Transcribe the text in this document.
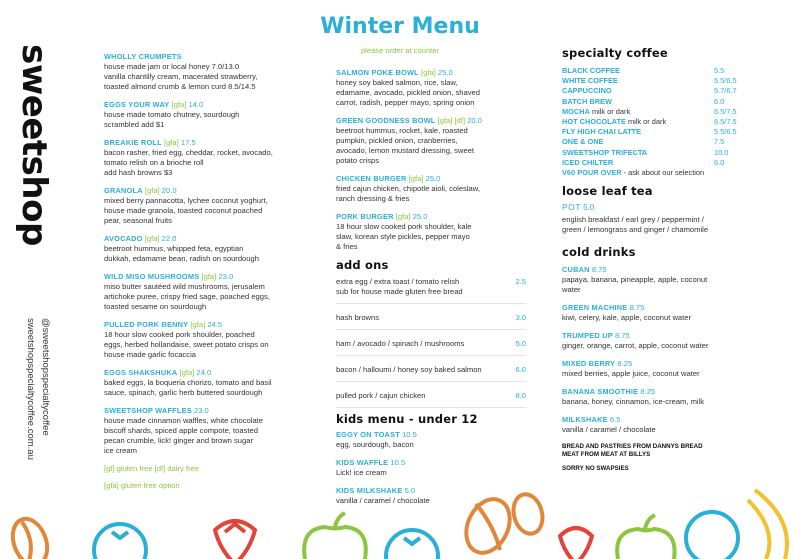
sweetshop
@sweetshopspecialtycoffee
sweetshopspecialtycoffee.com.au
Winter Menu
please order at counter
WHOLLY CRUMPETS
house made jam or local honey 7.0/13.0
vanilla chantilly cream, macerated strawberry,
toasted almond crumb & lemon curd 8.5/14.5
EGGS YOUR WAY [gfa] 14.0
house made tomato chutney, sourdough
scrambled add $1
BREAKIE ROLL [gfa] 17.5
bacon rasher, fried egg, cheddar, rocket, avocado,
tomato relish on a brioche roll
add hash browns $3
GRANOLA [gfa] 20.0
mixed berry pannacotta, lychee coconut yoghurt,
house made granola, toasted coconut poached
pear, seasonal fruits
AVOCADO [gfa] 22.0
beetroot hummus, whipped feta, egyptian
dukkah, edamame bean, radish on sourdough
WILD MISO MUSHROOMS [gfa] 23.0
miso butter sautéed wild mushrooms, jerusalem
artichoke puree, crispy fried sage, poached eggs,
toasted sesame on sourdough
PULLED PORK BENNY [gfa] 24.5
18 hour slow cooked pork shoulder, poached
eggs, herbed hollandaise, sweet potato crisps on
house made garlic focaccia
EGGS SHAKSHUKA [gfa] 24.0
baked eggs, la boqueria chorizo, tomato and basil
sauce, spinach, garlic herb buttered sourdough
SWEETSHOP WAFFLES 23.0
house made cinnamon waffles, white chocolate
biscoff shards, spiced apple compote, toasted
pecan crumble, lick! ginger and brown sugar
ice cream
[gf] gluten free [df] dairy free
[gfa] gluten free option
SALMON POKE BOWL [gfa] 25.0
honey soy baked salmon, rice, slaw,
edamame, avocado, pickled onion, shaved
carrot, radish, pepper mayo, spring onion
GREEN GOODNESS BOWL [gfa] [df] 20.0
beetroot hummus, rocket, kale, roasted
pumpkin, pickled onion, cranberries,
avocado, lemon mustard dressing, sweet
potato crisps
CHICKEN BURGER [gfa] 25.0
fried cajun chicken, chipotle aioli, coleslaw,
ranch dressing & fries
PORK BURGER [gfa] 25.0
18 hour slow cooked pork shoulder, kale
slaw, korean style pickles, pepper mayo
& fries
add ons
extra egg / extra toast / tomato relish
sub for house made gluten free bread
2.5
hash browns	3.0
ham / avocado / spinach / mushrooms	5.0
bacon / halloumi / honey soy baked salmon	6.0
pulled pork / cajun chicken	8.0
kids menu - under 12
EGGY ON TOAST 10.5
egg, sourdough, bacon
KIDS WAFFLE 10.5
Lick! ice cream
KIDS MILKSHAKE 5.0
vanilla / caramel / chocolate
specialty coffee
BLACK COFFEE	5.5
WHITE COFFEE	5.5/6.5
CAPPUCCINO	5.7/6.7
BATCH BREW	6.0
MOCHA milk or dark	6.5/7.5
HOT CHOCOLATE milk or dark	6.5/7.5
FLY HIGH CHAI LATTE	5.5/6.5
ONE & ONE	7.5
SWEETSHOP TRIFECTA	10.0
ICED CHILTER	6.0
V60 POUR OVER - ask about our selection
loose leaf tea
POT 5.0
english breakfast / earl grey / peppermint /
green / lemongrass and ginger / chamomile
cold drinks
CUBAN 8.75
papaya, banana, pineapple, apple, coconut
water
GREEN MACHINE 8.75
kiwi, celery, kale, apple, coconut water
TRUMPED UP 8.75
ginger, orange, carrot, apple, coconut water
MIXED BERRY 8.25
mixed berries, apple juice, coconut water
BANANA SMOOTHIE 8.25
banana, honey, cinnamon, ice-cream, milk
MILKSHAKE 6.5
vanilla / caramel / chocolate
BREAD AND PASTRIES FROM DANNYS BREAD
MEAT FROM MEAT AT BILLYS
SORRY NO SWAPSIES
